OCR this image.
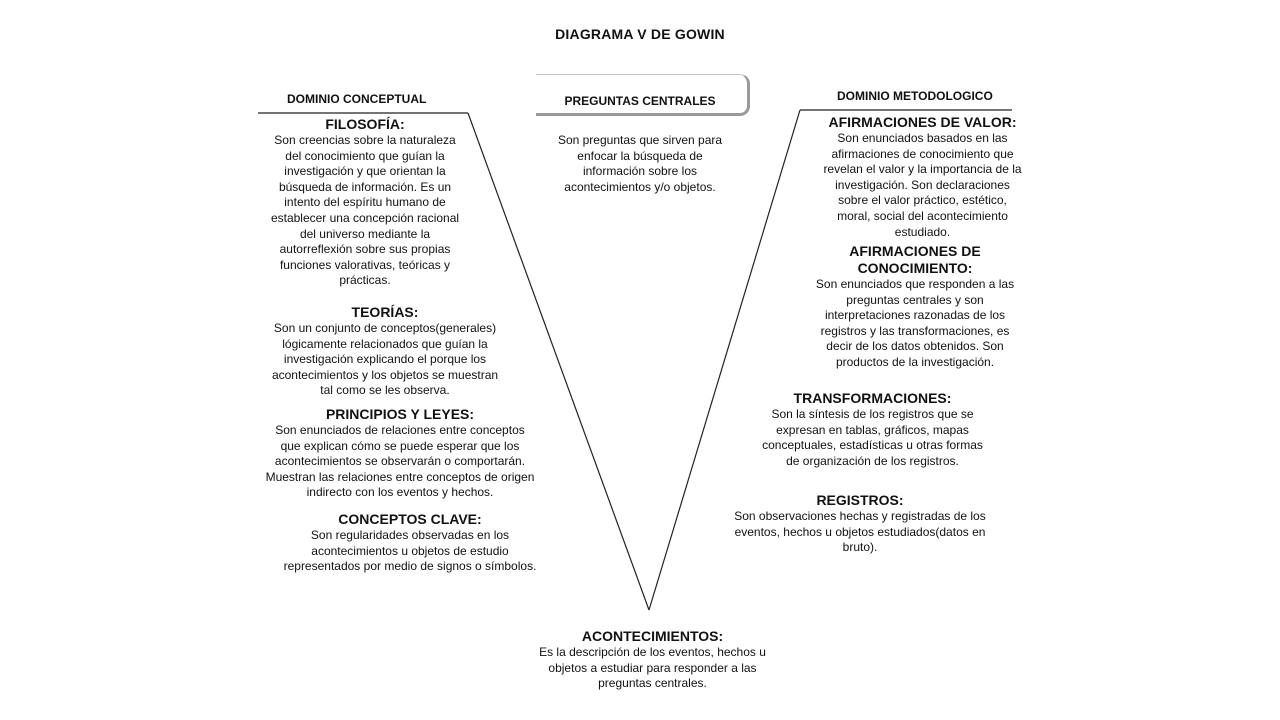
DIAGRAMA V DE GOWIN
DOMINIO CONCEPTUAL	DOMINIO METODOLOGICO
PREGUNTAS CENTRALES
Son preguntas que sirven para
enfocar la búsqueda de
información sobre los
acontecimientos y/o objetos.
FILOSOFÍA:
Son creencias sobre la naturaleza
del conocimiento que guían la
investigación y que orientan la
búsqueda de información. Es un
intento del espíritu humano de
establecer una concepción racional
del universo mediante la
autorreflexión sobre sus propias
funciones valorativas, teóricas y
prácticas.
TEORÍAS:
Son un conjunto de conceptos(generales)
lógicamente relacionados que guían la
investigación explicando el porque los
acontecimientos y los objetos se muestran
tal como se les observa.
PRINCIPIOS Y LEYES:
Son enunciados de relaciones entre conceptos
que explican cómo se puede esperar que los
acontecimientos se observarán o comportarán.
Muestran las relaciones entre conceptos de origen
indirecto con los eventos y hechos.
CONCEPTOS CLAVE:
Son regularidades observadas en los
acontecimientos u objetos de estudio
representados por medio de signos o símbolos.
AFIRMACIONES DE VALOR:
Son enunciados basados en las
afirmaciones de conocimiento que
revelan el valor y la importancia de la
investigación. Son declaraciones
sobre el valor práctico, estético,
moral, social del acontecimiento
estudiado.
AFIRMACIONES DE
CONOCIMIENTO:
Son enunciados que responden a las
preguntas centrales y son
interpretaciones razonadas de los
registros y las transformaciones, es
decir de los datos obtenidos. Son
productos de la investigación.
TRANSFORMACIONES:
Son la síntesis de los registros que se
expresan en tablas, gráficos, mapas
conceptuales, estadísticas u otras formas
de organización de los registros.
REGISTROS:
Son observaciones hechas y registradas de los
eventos, hechos u objetos estudiados(datos en
bruto).
ACONTECIMIENTOS:
Es la descripción de los eventos, hechos u
objetos a estudiar para responder a las
preguntas centrales.
